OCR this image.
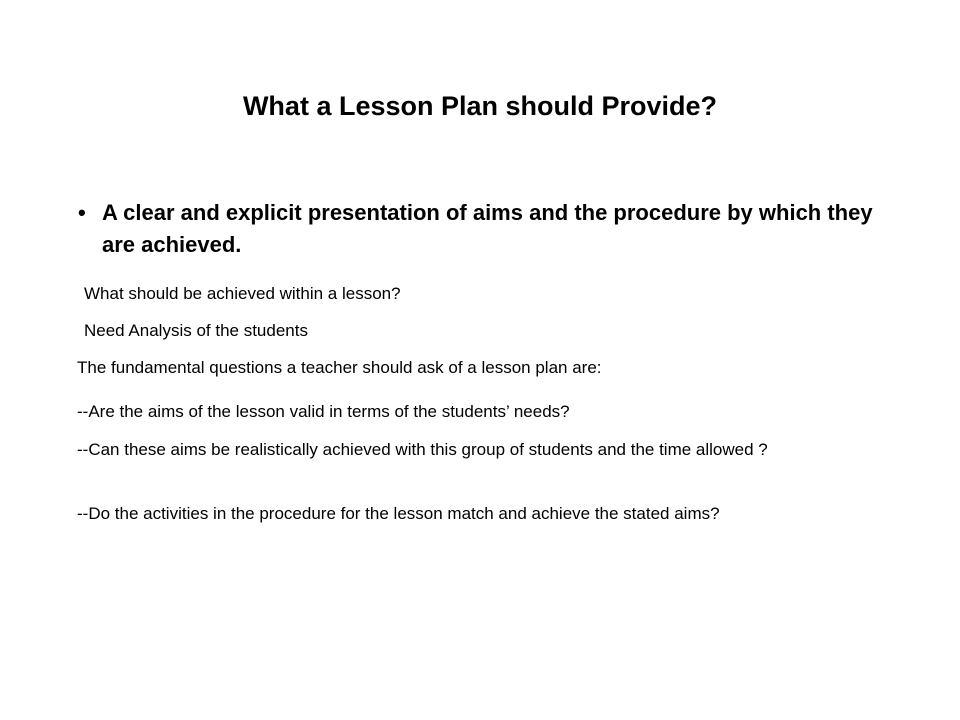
What a Lesson Plan should Provide?
• A clear and explicit presentation of aims and the procedure by which they are achieved.
What should be achieved within a lesson?
Need Analysis of the students
The fundamental questions a teacher should ask of a lesson plan are:
--Are the aims of the lesson valid in terms of the students’ needs?
--Can these aims be realistically achieved with this group of students and the time allowed ?
--Do the activities in the procedure for the lesson match and achieve the stated aims?
